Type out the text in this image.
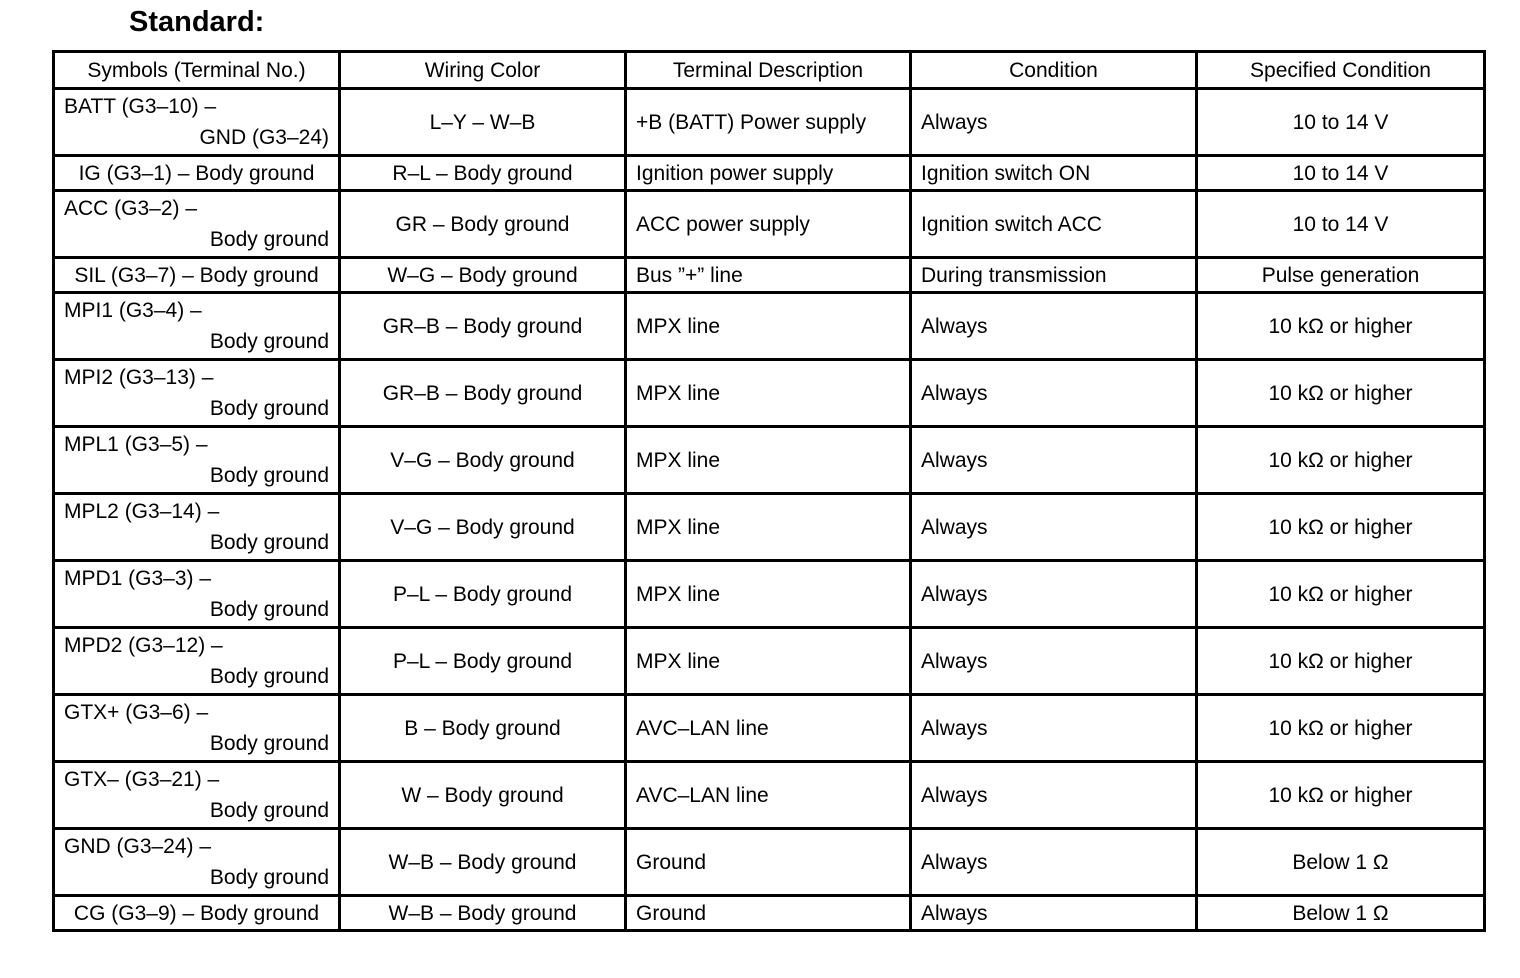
Standard:
Symbols (Terminal No.)	Wiring Color	Terminal Description	Condition	Specified Condition

BATT (G3–10) –
GND (G3–24)	L–Y – W–B	+B (BATT) Power supply	Always	10 to 14 V

IG (G3–1) – Body ground	R–L – Body ground	Ignition power supply	Ignition switch ON	10 to 14 V

ACC (G3–2) –
Body ground	GR – Body ground	ACC power supply	Ignition switch ACC	10 to 14 V

SIL (G3–7) – Body ground	W–G – Body ground	Bus ”+” line	During transmission	Pulse generation

MPI1 (G3–4) –
Body ground	GR–B – Body ground	MPX line	Always	10 kΩ or higher

MPI2 (G3–13) –
Body ground	GR–B – Body ground	MPX line	Always	10 kΩ or higher

MPL1 (G3–5) –
Body ground	V–G – Body ground	MPX line	Always	10 kΩ or higher

MPL2 (G3–14) –
Body ground	V–G – Body ground	MPX line	Always	10 kΩ or higher

MPD1 (G3–3) –
Body ground	P–L – Body ground	MPX line	Always	10 kΩ or higher

MPD2 (G3–12) –
Body ground	P–L – Body ground	MPX line	Always	10 kΩ or higher

GTX+ (G3–6) –
Body ground	B – Body ground	AVC–LAN line	Always	10 kΩ or higher

GTX– (G3–21) –
Body ground	W – Body ground	AVC–LAN line	Always	10 kΩ or higher

GND (G3–24) –
Body ground	W–B – Body ground	Ground	Always	Below 1 Ω

CG (G3–9) – Body ground	W–B – Body ground	Ground	Always	Below 1 Ω
